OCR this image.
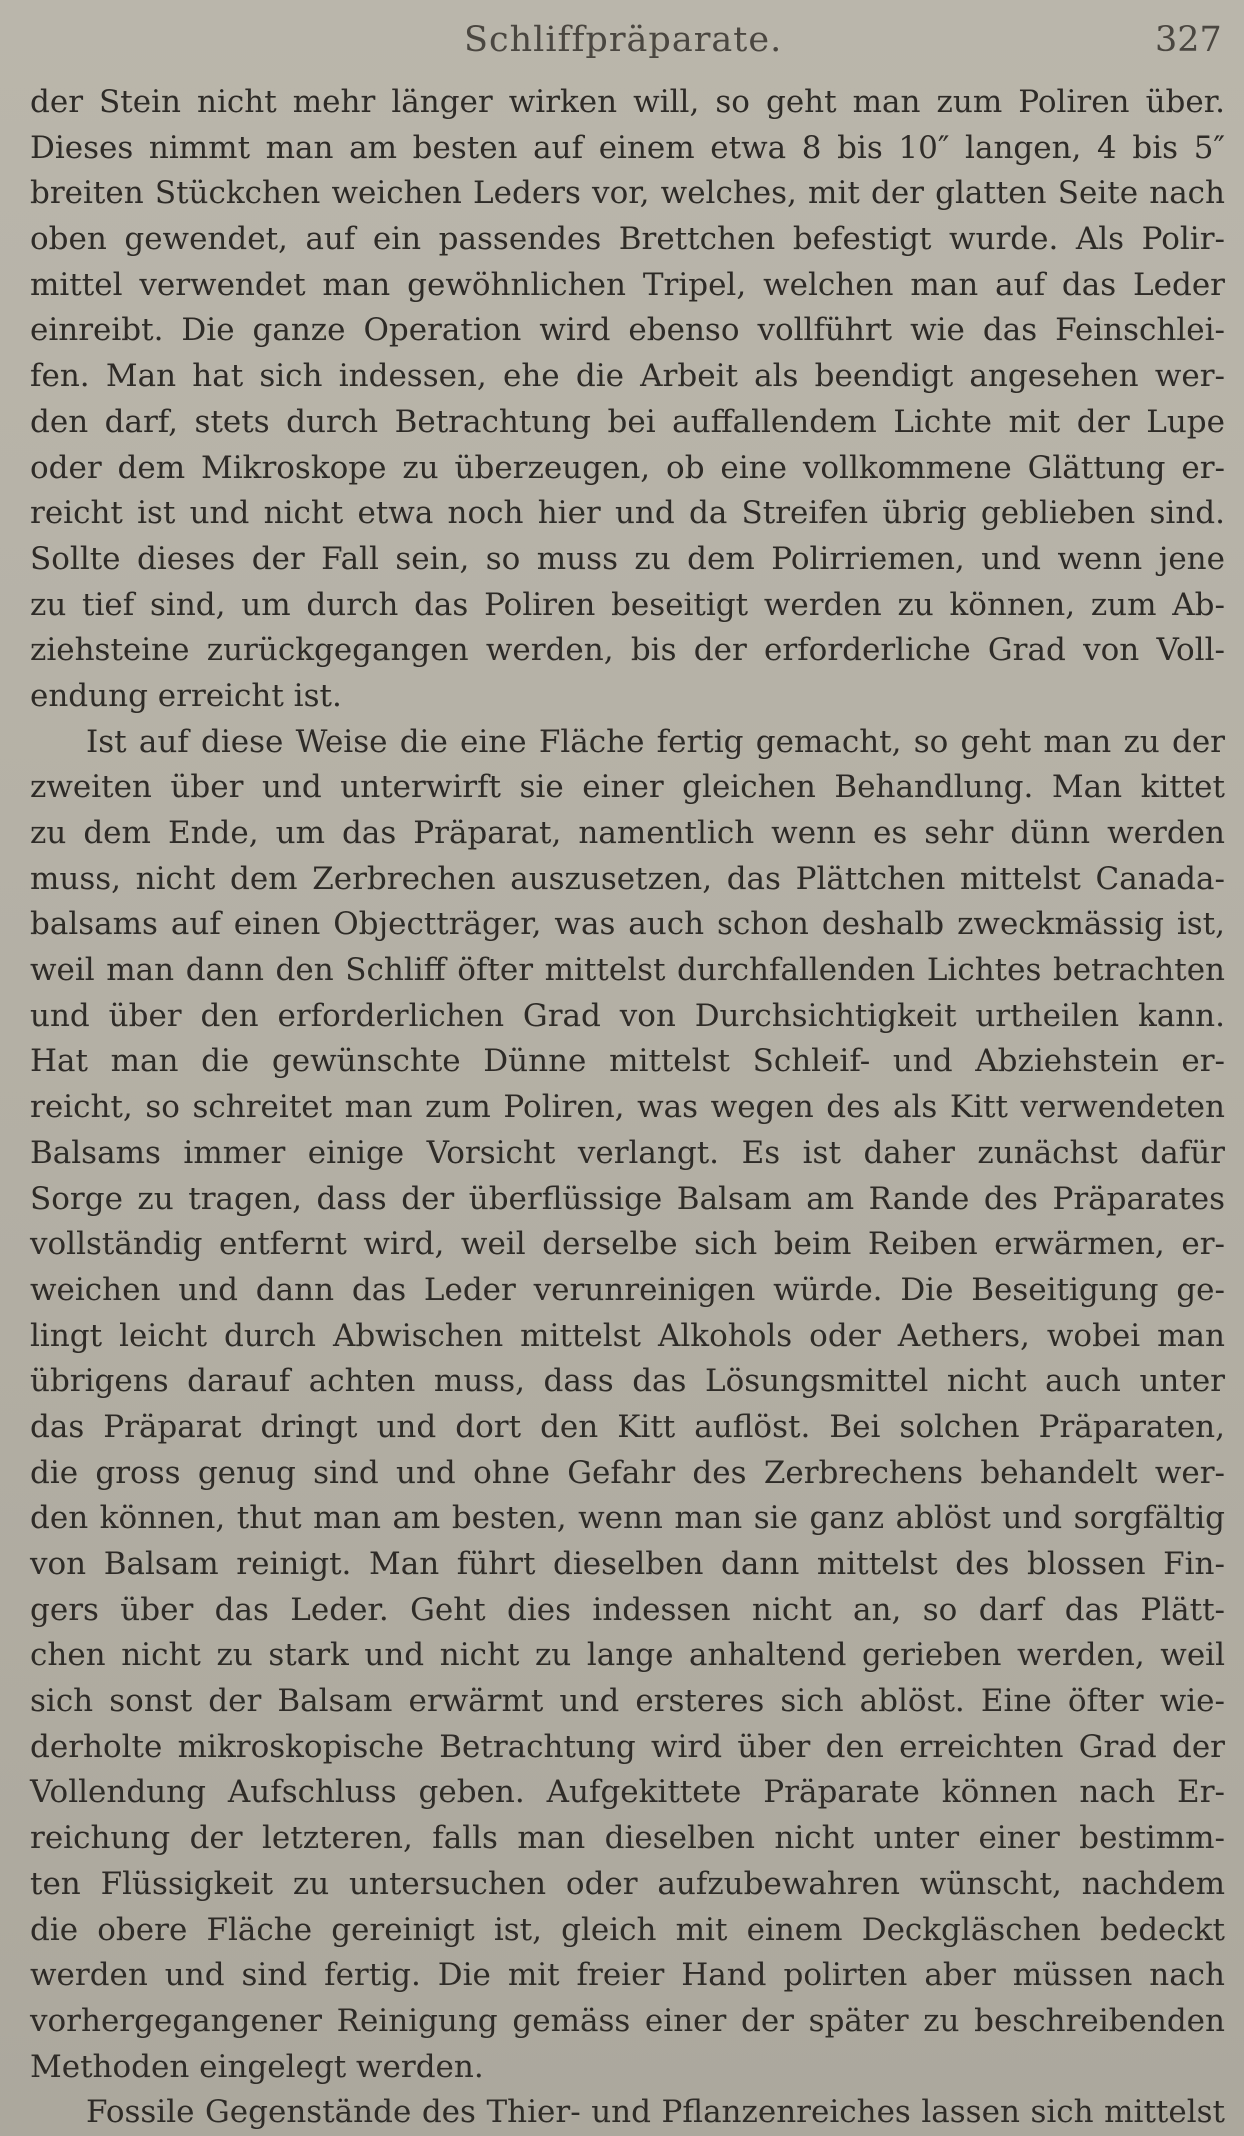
Schliffpräparate.	327
der Stein nicht mehr länger wirken will, so geht man zum Poliren über.
Dieses nimmt man am besten auf einem etwa 8 bis 10″ langen, 4 bis 5″
breiten Stückchen weichen Leders vor, welches, mit der glatten Seite nach
oben gewendet, auf ein passendes Brettchen befestigt wurde. Als Polir-
mittel verwendet man gewöhnlichen Tripel, welchen man auf das Leder
einreibt. Die ganze Operation wird ebenso vollführt wie das Feinschlei-
fen. Man hat sich indessen, ehe die Arbeit als beendigt angesehen wer-
den darf, stets durch Betrachtung bei auffallendem Lichte mit der Lupe
oder dem Mikroskope zu überzeugen, ob eine vollkommene Glättung er-
reicht ist und nicht etwa noch hier und da Streifen übrig geblieben sind.
Sollte dieses der Fall sein, so muss zu dem Polirriemen, und wenn jene
zu tief sind, um durch das Poliren beseitigt werden zu können, zum Ab-
ziehsteine zurückgegangen werden, bis der erforderliche Grad von Voll-
endung erreicht ist.
Ist auf diese Weise die eine Fläche fertig gemacht, so geht man zu der
zweiten über und unterwirft sie einer gleichen Behandlung. Man kittet
zu dem Ende, um das Präparat, namentlich wenn es sehr dünn werden
muss, nicht dem Zerbrechen auszusetzen, das Plättchen mittelst Canada-
balsams auf einen Objectträger, was auch schon deshalb zweckmässig ist,
weil man dann den Schliff öfter mittelst durchfallenden Lichtes betrachten
und über den erforderlichen Grad von Durchsichtigkeit urtheilen kann.
Hat man die gewünschte Dünne mittelst Schleif- und Abziehstein er-
reicht, so schreitet man zum Poliren, was wegen des als Kitt verwendeten
Balsams immer einige Vorsicht verlangt. Es ist daher zunächst dafür
Sorge zu tragen, dass der überflüssige Balsam am Rande des Präparates
vollständig entfernt wird, weil derselbe sich beim Reiben erwärmen, er-
weichen und dann das Leder verunreinigen würde. Die Beseitigung ge-
lingt leicht durch Abwischen mittelst Alkohols oder Aethers, wobei man
übrigens darauf achten muss, dass das Lösungsmittel nicht auch unter
das Präparat dringt und dort den Kitt auflöst. Bei solchen Präparaten,
die gross genug sind und ohne Gefahr des Zerbrechens behandelt wer-
den können, thut man am besten, wenn man sie ganz ablöst und sorgfältig
von Balsam reinigt. Man führt dieselben dann mittelst des blossen Fin-
gers über das Leder. Geht dies indessen nicht an, so darf das Plätt-
chen nicht zu stark und nicht zu lange anhaltend gerieben werden, weil
sich sonst der Balsam erwärmt und ersteres sich ablöst. Eine öfter wie-
derholte mikroskopische Betrachtung wird über den erreichten Grad der
Vollendung Aufschluss geben. Aufgekittete Präparate können nach Er-
reichung der letzteren, falls man dieselben nicht unter einer bestimm-
ten Flüssigkeit zu untersuchen oder aufzubewahren wünscht, nachdem
die obere Fläche gereinigt ist, gleich mit einem Deckgläschen bedeckt
werden und sind fertig. Die mit freier Hand polirten aber müssen nach
vorhergegangener Reinigung gemäss einer der später zu beschreibenden
Methoden eingelegt werden.
Fossile Gegenstände des Thier- und Pflanzenreiches lassen sich mittelst
